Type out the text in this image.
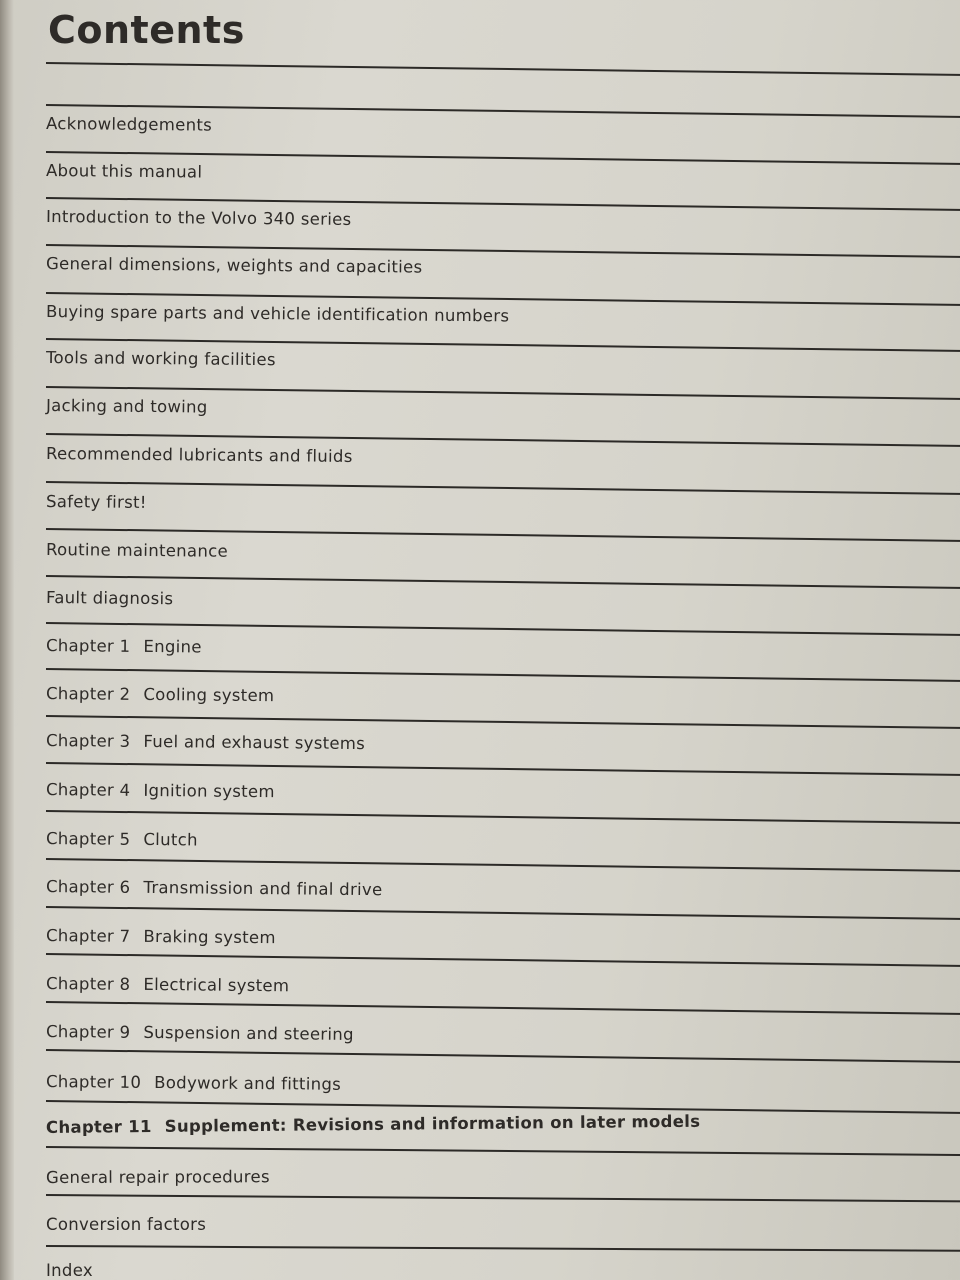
Contents
Acknowledgements
About this manual
Introduction to the Volvo 340 series
General dimensions, weights and capacities
Buying spare parts and vehicle identification numbers
Tools and working facilities
Jacking and towing
Recommended lubricants and fluids
Safety first!
Routine maintenance
Fault diagnosis
Chapter 1 Engine
Chapter 2 Cooling system
Chapter 3 Fuel and exhaust systems
Chapter 4 Ignition system
Chapter 5 Clutch
Chapter 6 Transmission and final drive
Chapter 7 Braking system
Chapter 8 Electrical system
Chapter 9 Suspension and steering
Chapter 10 Bodywork and fittings
Chapter 11 Supplement: Revisions and information on later models
General repair procedures
Conversion factors
Index
